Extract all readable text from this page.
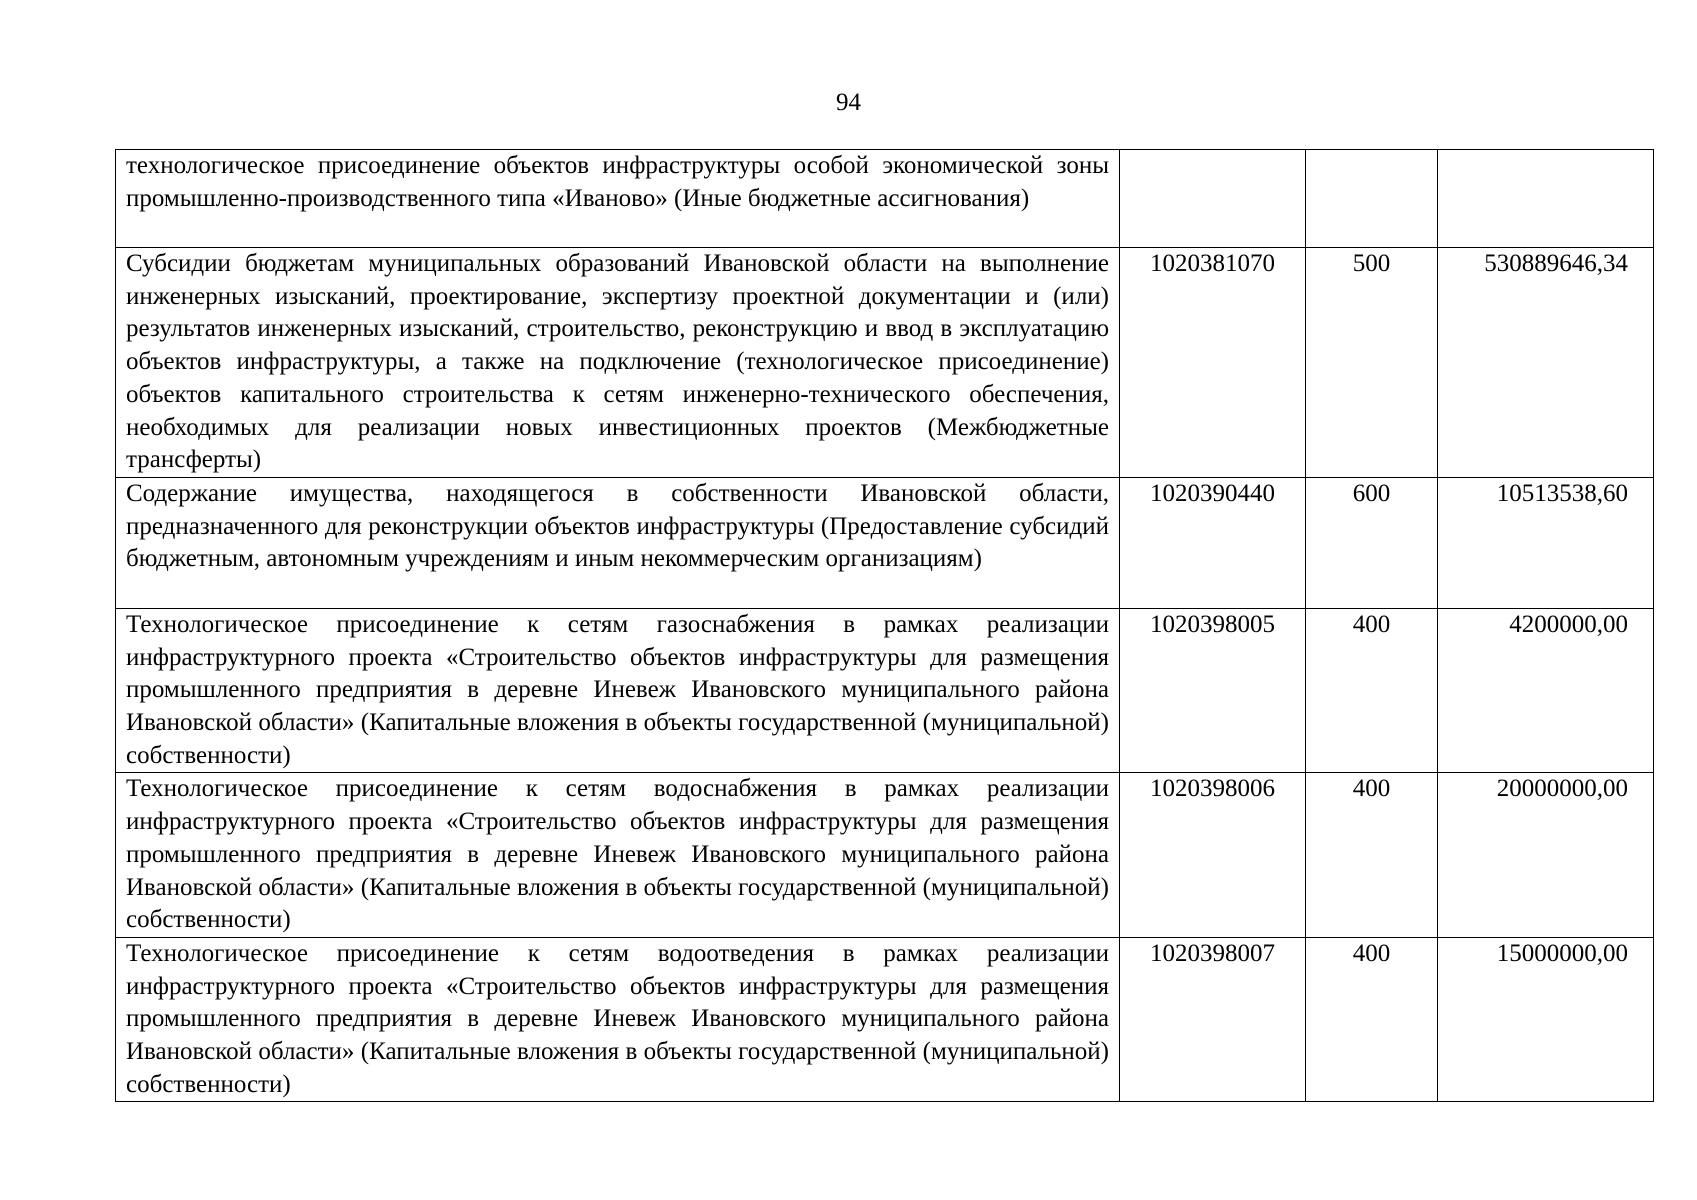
94
технологическое присоединение объектов инфраструктуры особой экономической зоны промышленно-производственного типа «Иваново» (Иные бюджетные ассигнования)			
Субсидии бюджетам муниципальных образований Ивановской области на выполнение инженерных изысканий, проектирование, экспертизу проектной документации и (или) результатов инженерных изысканий, строительство, реконструкцию и ввод в эксплуатацию объектов инфраструктуры, а также на подключение (технологическое присоединение) объектов капитального строительства к сетям инженерно-технического обеспечения, необходимых для реализации новых инвестиционных проектов (Межбюджетные трансферты)	1020381070	500	530889646,34
Содержание имущества, находящегося в собственности Ивановской области, предназначенного для реконструкции объектов инфраструктуры (Предоставление субсидий бюджетным, автономным учреждениям и иным некоммерческим организациям)	1020390440	600	10513538,60
Технологическое присоединение к сетям газоснабжения в рамках реализации инфраструктурного проекта «Строительство объектов инфраструктуры для размещения промышленного предприятия в деревне Иневеж Ивановского муниципального района Ивановской области» (Капитальные вложения в объекты государственной (муниципальной) собственности)	1020398005	400	4200000,00
Технологическое присоединение к сетям водоснабжения в рамках реализации инфраструктурного проекта «Строительство объектов инфраструктуры для размещения промышленного предприятия в деревне Иневеж Ивановского муниципального района Ивановской области» (Капитальные вложения в объекты государственной (муниципальной) собственности)	1020398006	400	20000000,00
Технологическое присоединение к сетям водоотведения в рамках реализации инфраструктурного проекта «Строительство объектов инфраструктуры для размещения промышленного предприятия в деревне Иневеж Ивановского муниципального района Ивановской области» (Капитальные вложения в объекты государственной (муниципальной) собственности)	1020398007	400	15000000,00
